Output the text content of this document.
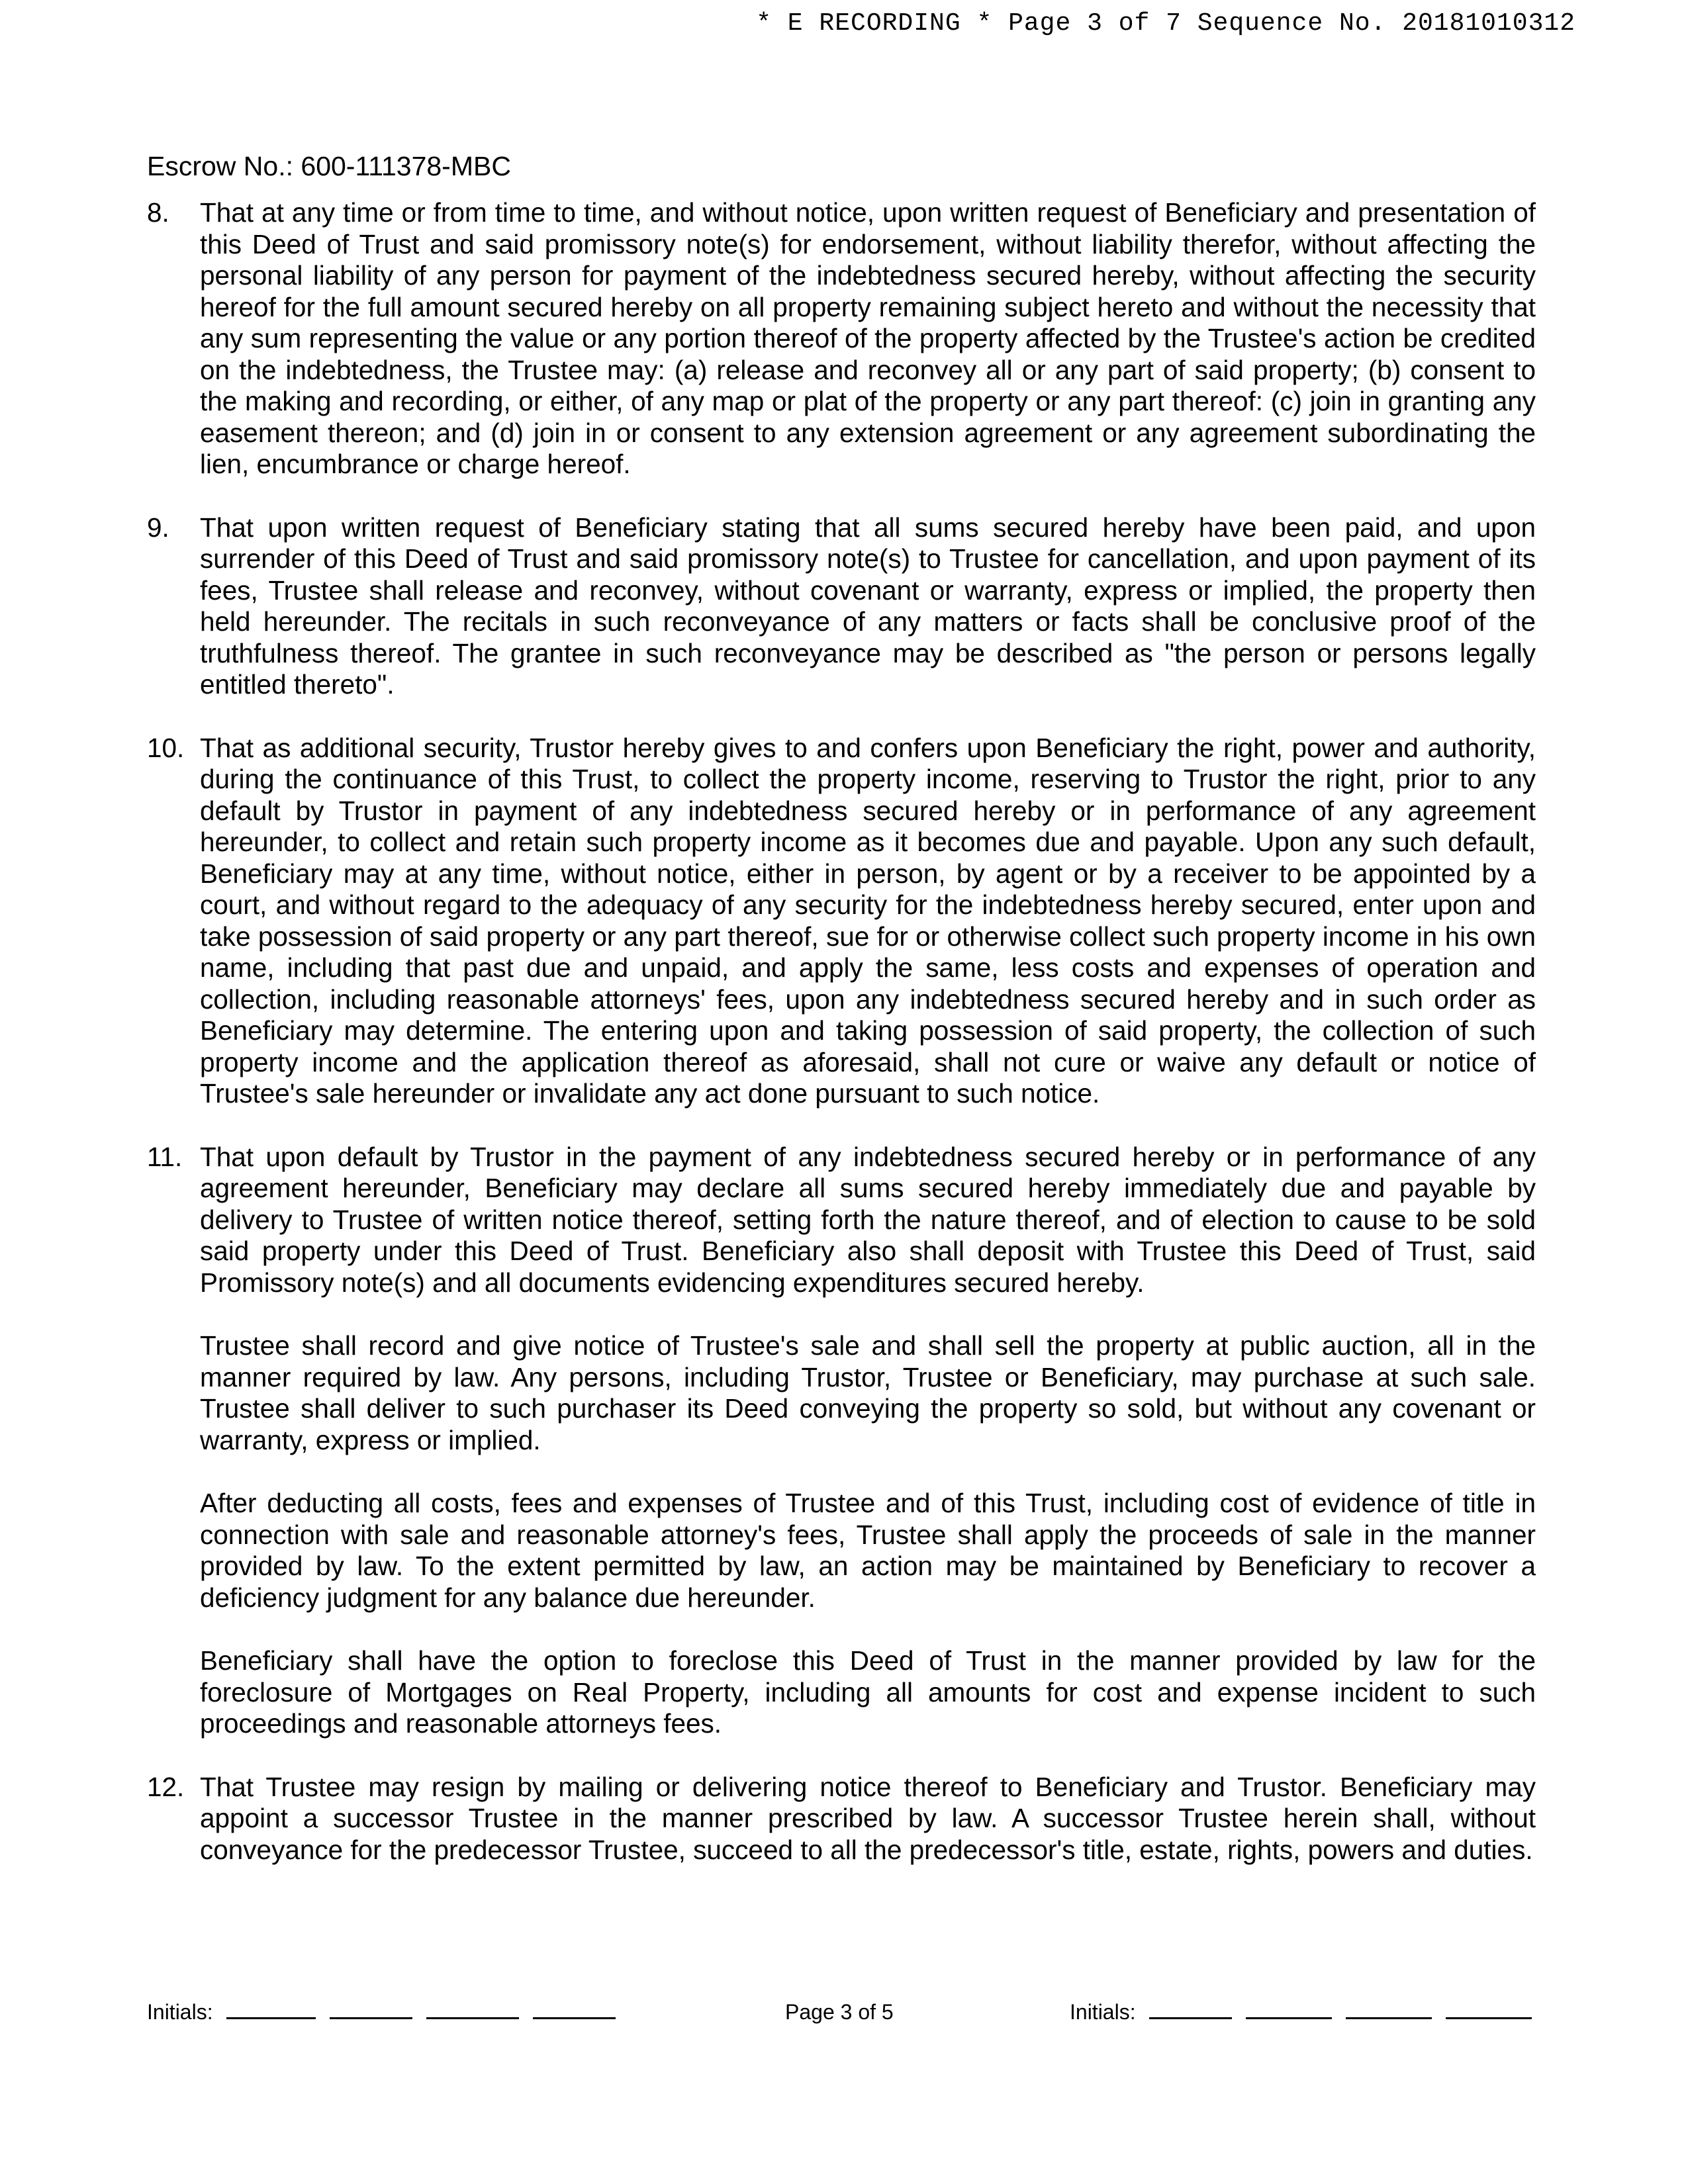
* E RECORDING * Page 3 of 7 Sequence No. 20181010312
Escrow No.: 600-111378-MBC
8. That at any time or from time to time, and without notice, upon written request of Beneficiary and presentation of this Deed of Trust and said promissory note(s) for endorsement, without liability therefor, without affecting the personal liability of any person for payment of the indebtedness secured hereby, without affecting the security hereof for the full amount secured hereby on all property remaining subject hereto and without the necessity that any sum representing the value or any portion thereof of the property affected by the Trustee's action be credited on the indebtedness, the Trustee may: (a) release and reconvey all or any part of said property; (b) consent to the making and recording, or either, of any map or plat of the property or any part thereof: (c) join in granting any easement thereon; and (d) join in or consent to any extension agreement or any agreement subordinating the lien, encumbrance or charge hereof.

9. That upon written request of Beneficiary stating that all sums secured hereby have been paid, and upon surrender of this Deed of Trust and said promissory note(s) to Trustee for cancellation, and upon payment of its fees, Trustee shall release and reconvey, without covenant or warranty, express or implied, the property then held hereunder. The recitals in such reconveyance of any matters or facts shall be conclusive proof of the truthfulness thereof. The grantee in such reconveyance may be described as "the person or persons legally entitled thereto".

10. That as additional security, Trustor hereby gives to and confers upon Beneficiary the right, power and authority, during the continuance of this Trust, to collect the property income, reserving to Trustor the right, prior to any default by Trustor in payment of any indebtedness secured hereby or in performance of any agreement hereunder, to collect and retain such property income as it becomes due and payable. Upon any such default, Beneficiary may at any time, without notice, either in person, by agent or by a receiver to be appointed by a court, and without regard to the adequacy of any security for the indebtedness hereby secured, enter upon and take possession of said property or any part thereof, sue for or otherwise collect such property income in his own name, including that past due and unpaid, and apply the same, less costs and expenses of operation and collection, including reasonable attorneys' fees, upon any indebtedness secured hereby and in such order as Beneficiary may determine. The entering upon and taking possession of said property, the collection of such property income and the application thereof as aforesaid, shall not cure or waive any default or notice of Trustee's sale hereunder or invalidate any act done pursuant to such notice.

11. That upon default by Trustor in the payment of any indebtedness secured hereby or in performance of any agreement hereunder, Beneficiary may declare all sums secured hereby immediately due and payable by delivery to Trustee of written notice thereof, setting forth the nature thereof, and of election to cause to be sold said property under this Deed of Trust. Beneficiary also shall deposit with Trustee this Deed of Trust, said Promissory note(s) and all documents evidencing expenditures secured hereby.

Trustee shall record and give notice of Trustee's sale and shall sell the property at public auction, all in the manner required by law. Any persons, including Trustor, Trustee or Beneficiary, may purchase at such sale. Trustee shall deliver to such purchaser its Deed conveying the property so sold, but without any covenant or warranty, express or implied.

After deducting all costs, fees and expenses of Trustee and of this Trust, including cost of evidence of title in connection with sale and reasonable attorney's fees, Trustee shall apply the proceeds of sale in the manner provided by law. To the extent permitted by law, an action may be maintained by Beneficiary to recover a deficiency judgment for any balance due hereunder.

Beneficiary shall have the option to foreclose this Deed of Trust in the manner provided by law for the foreclosure of Mortgages on Real Property, including all amounts for cost and expense incident to such proceedings and reasonable attorneys fees.

12. That Trustee may resign by mailing or delivering notice thereof to Beneficiary and Trustor. Beneficiary may appoint a successor Trustee in the manner prescribed by law. A successor Trustee herein shall, without conveyance for the predecessor Trustee, succeed to all the predecessor's title, estate, rights, powers and duties.

Initials:	Page 3 of 5	Initials:
